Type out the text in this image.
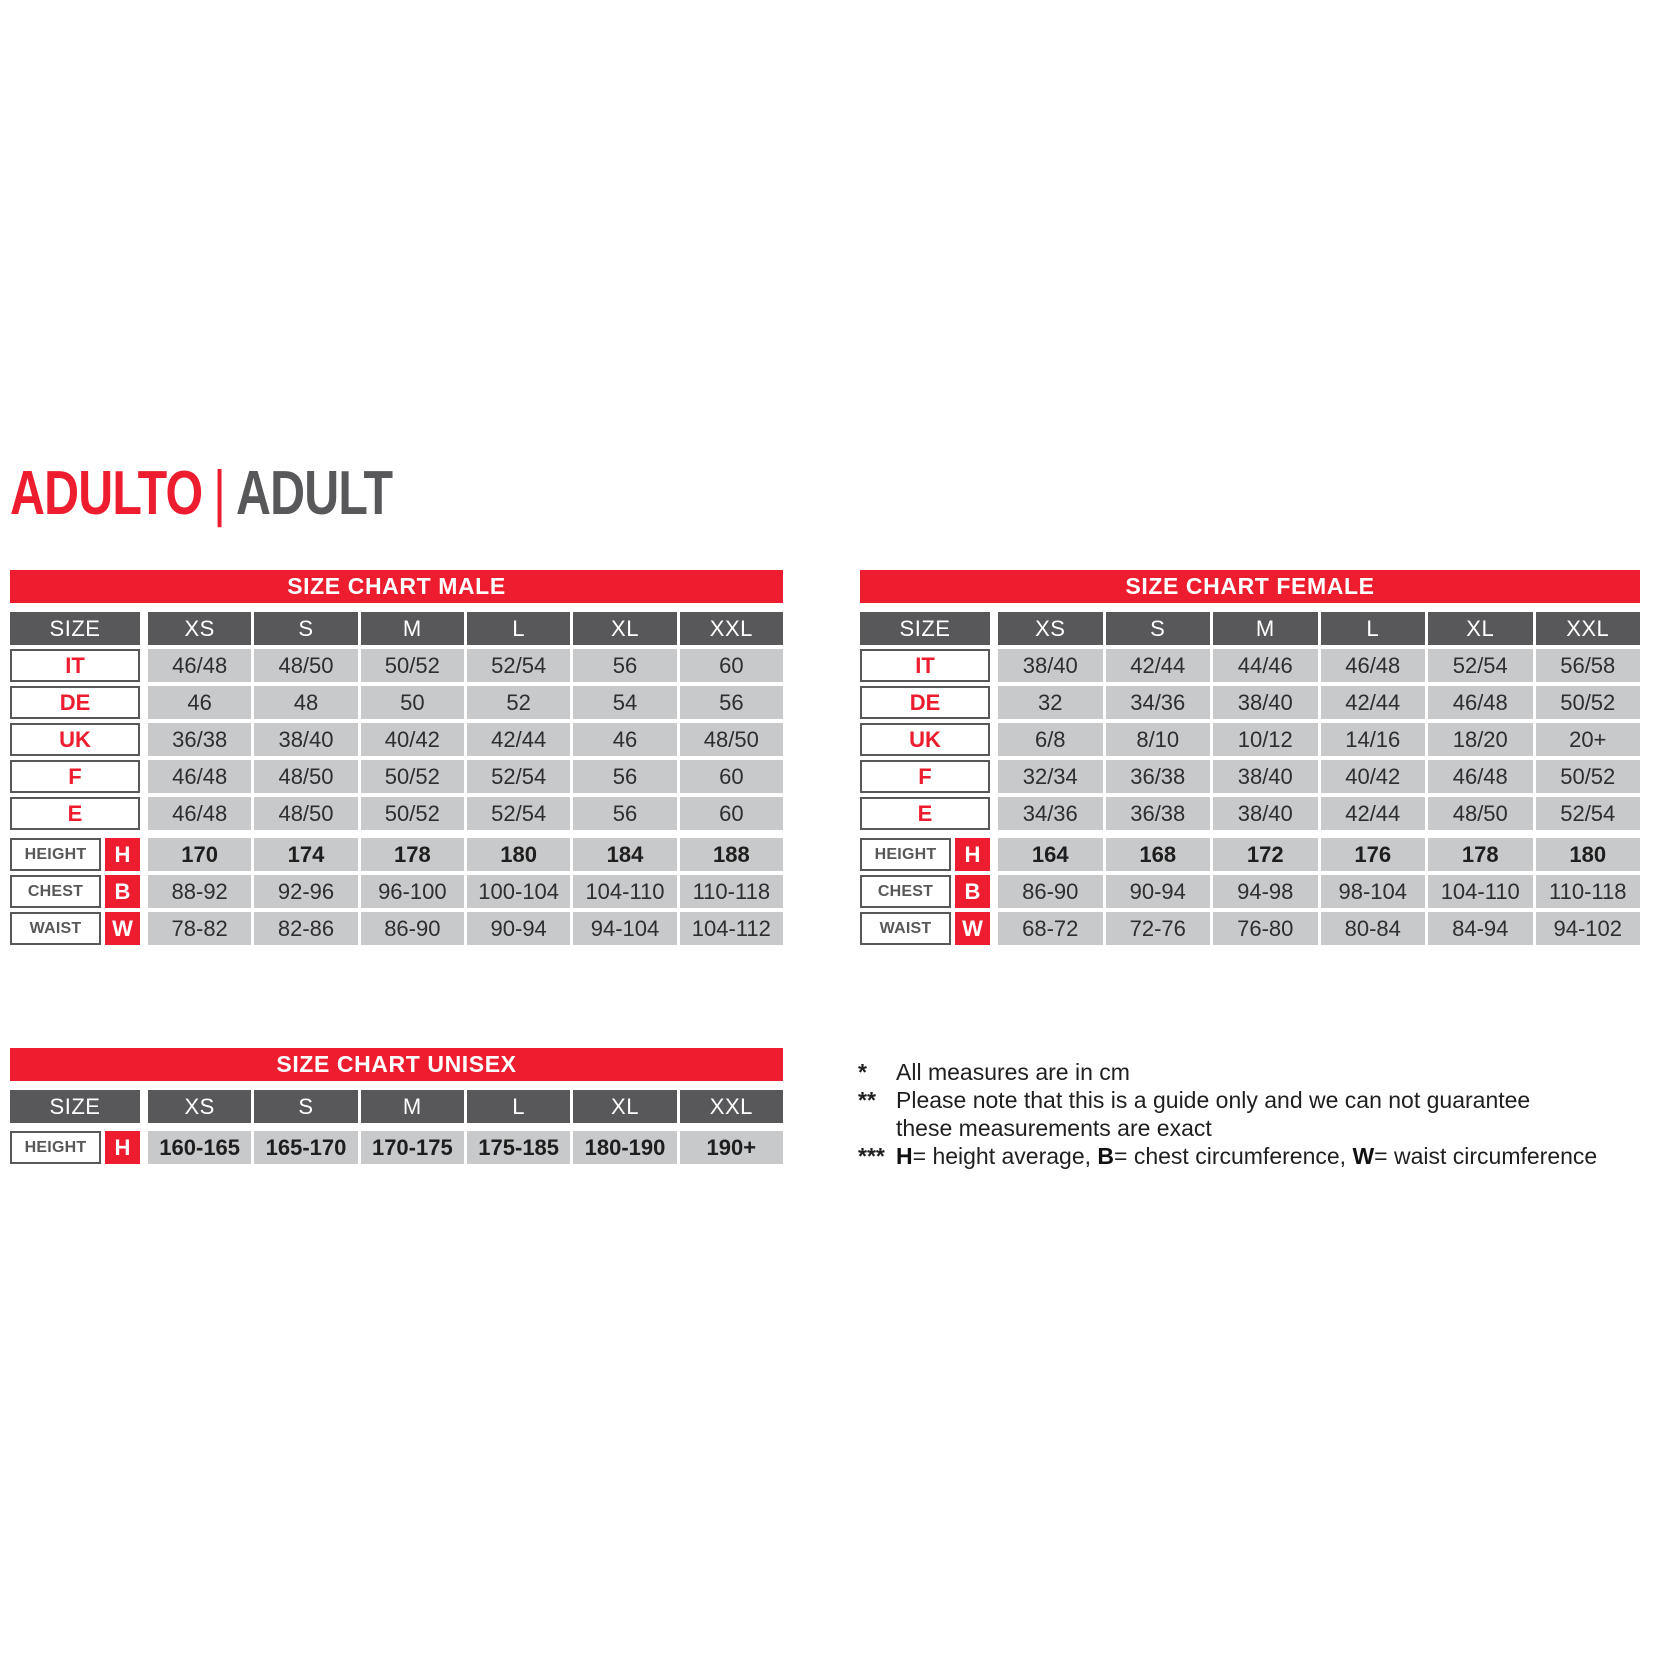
ADULTO | ADULT
SIZE CHART MALE
SIZE	XS	S	M	L	XL	XXL
IT	46/48	48/50	50/52	52/54	56	60
DE	46	48	50	52	54	56
UK	36/38	38/40	40/42	42/44	46	48/50
F	46/48	48/50	50/52	52/54	56	60
E	46/48	48/50	50/52	52/54	56	60
HEIGHT	H	170	174	178	180	184	188
CHEST	B	88-92	92-96	96-100	100-104	104-110	110-118
WAIST	W	78-82	82-86	86-90	90-94	94-104	104-112
SIZE CHART FEMALE
SIZE	XS	S	M	L	XL	XXL
IT	38/40	42/44	44/46	46/48	52/54	56/58
DE	32	34/36	38/40	42/44	46/48	50/52
UK	6/8	8/10	10/12	14/16	18/20	20+
F	32/34	36/38	38/40	40/42	46/48	50/52
E	34/36	36/38	38/40	42/44	48/50	52/54
HEIGHT	H	164	168	172	176	178	180
CHEST	B	86-90	90-94	94-98	98-104	104-110	110-118
WAIST	W	68-72	72-76	76-80	80-84	84-94	94-102
SIZE CHART UNISEX
SIZE	XS	S	M	L	XL	XXL
HEIGHT	H	160-165	165-170	170-175	175-185	180-190	190+
*	All measures are in cm
** Please note that this is a guide only and we can not guarantee these measurements are exact
*** H= height average, B= chest circumference, W= waist circumference
